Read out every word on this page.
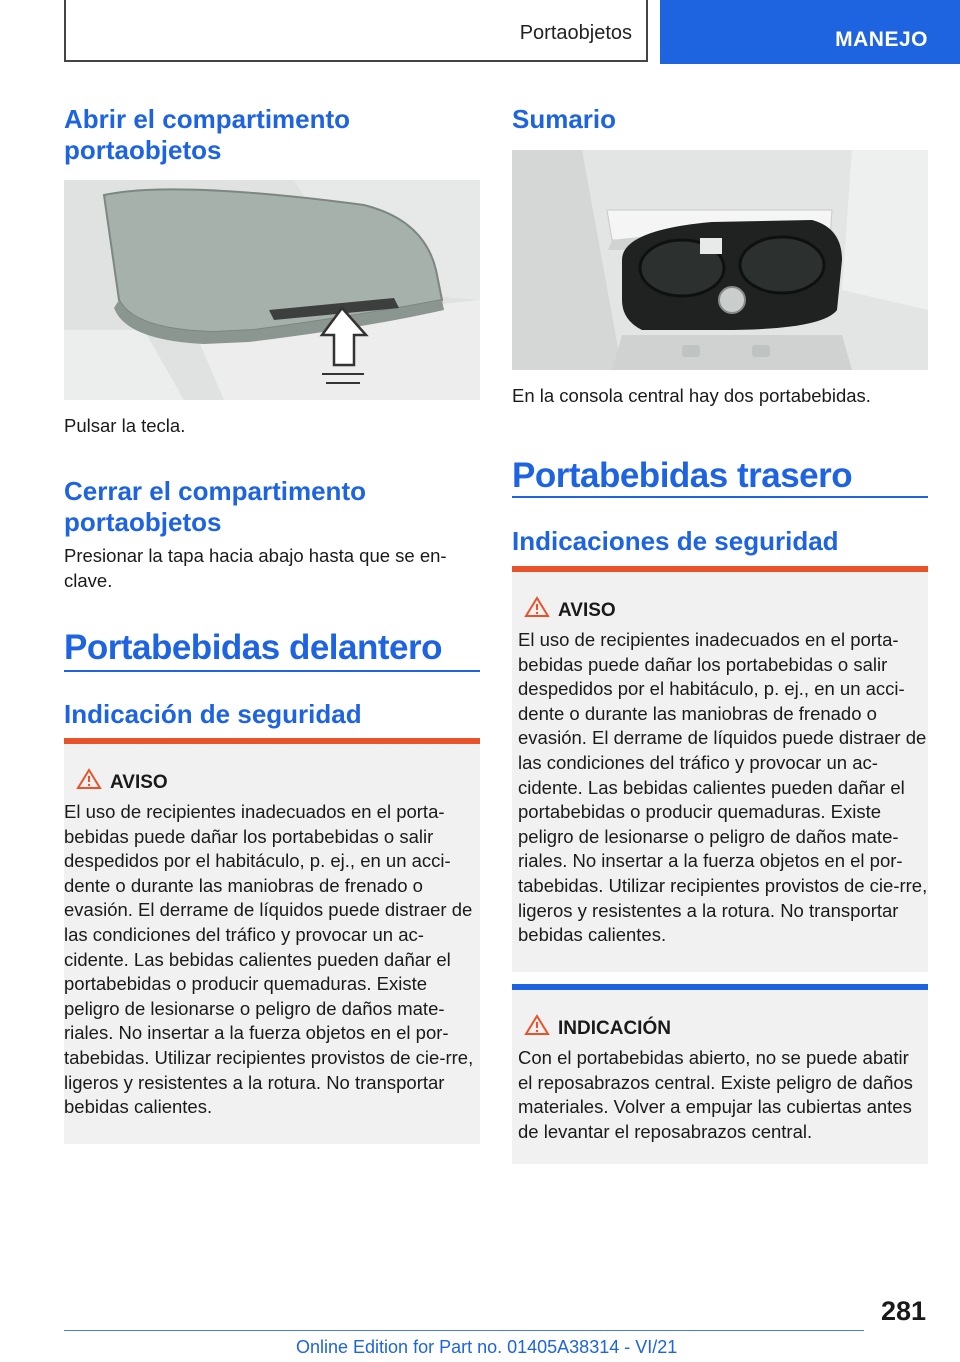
Portaobjetos	MANEJO
Abrir el compartimento portaobjetos

Pulsar la tecla.

Cerrar el compartimento portaobjetos

Presionar la tapa hacia abajo hasta que se en‐clave.

Portabebidas delantero
Indicación de seguridad
AVISO

El uso de recipientes inadecuados en el porta‐bebidas puede dañar los portabebidas o salir despedidos por el habitáculo, p. ej., en un acci‐dente o durante las maniobras de frenado o evasión. El derrame de líquidos puede distraer de las condiciones del tráfico y provocar un ac‐cidente. Las bebidas calientes pueden dañar el portabebidas o producir quemaduras. Existe peligro de lesionarse o peligro de daños mate‐riales. No insertar a la fuerza objetos en el por‐tabebidas. Utilizar recipientes provistos de cie‐rre, ligeros y resistentes a la rotura. No transportar bebidas calientes.

Sumario

En la consola central hay dos portabebidas.

Portabebidas trasero
Indicaciones de seguridad
AVISO

El uso de recipientes inadecuados en el porta‐bebidas puede dañar los portabebidas o salir despedidos por el habitáculo, p. ej., en un acci‐dente o durante las maniobras de frenado o evasión. El derrame de líquidos puede distraer de las condiciones del tráfico y provocar un ac‐cidente. Las bebidas calientes pueden dañar el portabebidas o producir quemaduras. Existe peligro de lesionarse o peligro de daños mate‐riales. No insertar a la fuerza objetos en el por‐tabebidas. Utilizar recipientes provistos de cie‐rre, ligeros y resistentes a la rotura. No transportar bebidas calientes.

INDICACIÓN

Con el portabebidas abierto, no se puede abatir el reposabrazos central. Existe peligro de daños materiales. Volver a empujar las cubiertas antes de levantar el reposabrazos central.

281
Online Edition for Part no. 01405A38314 - VI/21
